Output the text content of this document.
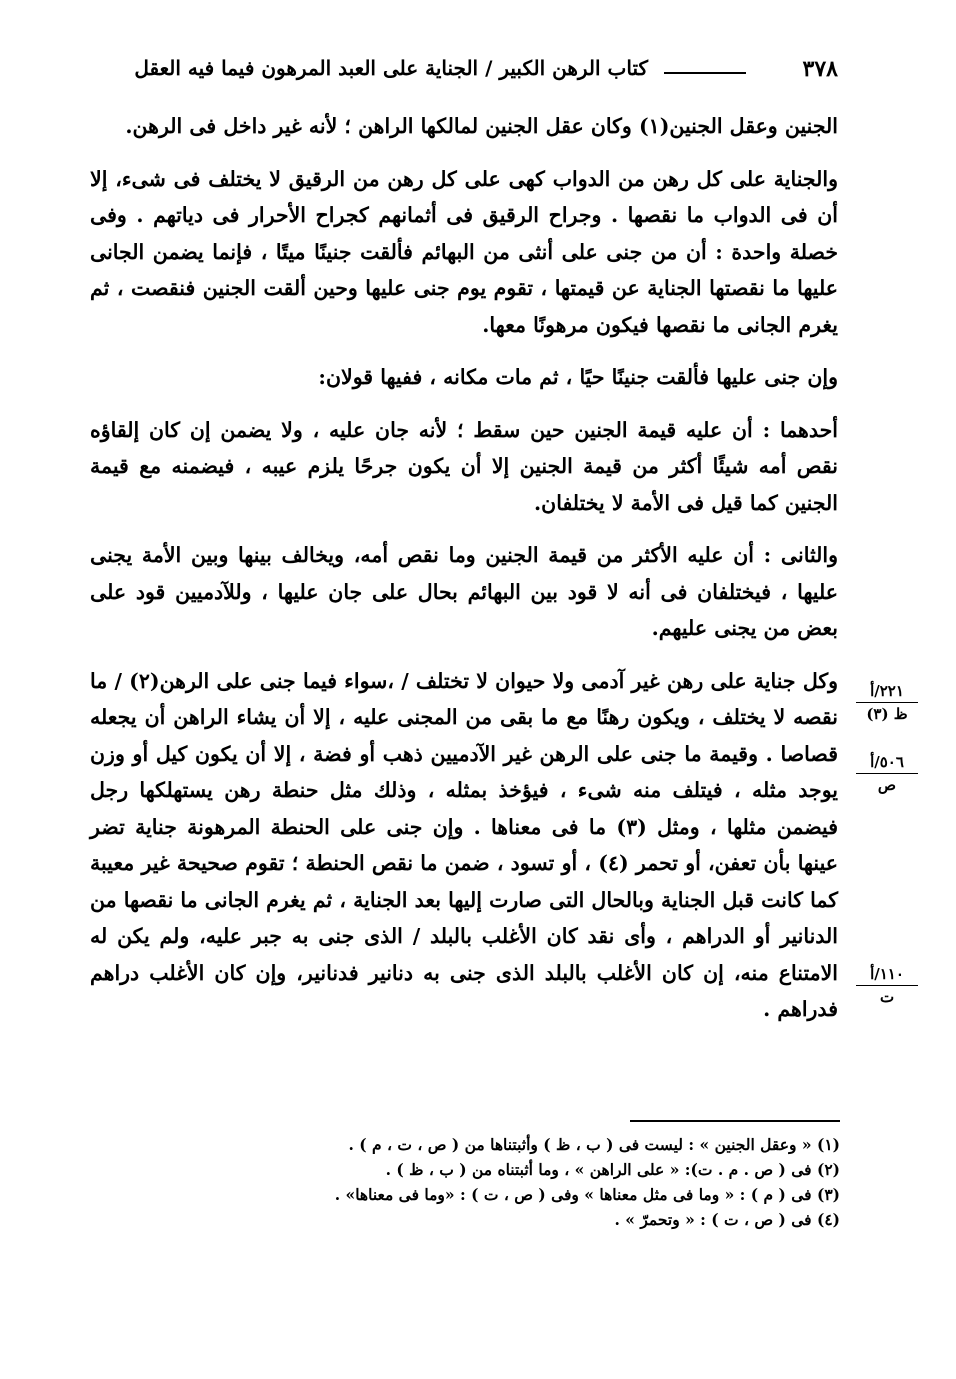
٣٧٨
كتاب الرهن الكبير / الجناية على العبد المرهون فيما فيه العقل

الجنين وعقل الجنين(١) وكان عقل الجنين لمالكها الراهن ؛ لأنه غير داخل فى الرهن.

والجناية على كل رهن من الدواب كهى على كل رهن من الرقيق لا يختلف فى شىء، إلا أن فى الدواب ما نقصها . وجراح الرقيق فى أثمانهم كجراح الأحرار فى دياتهم . وفى خصلة واحدة : أن من جنى على أنثى من البهائم فألقت جنينًا ميتًا ، فإنما يضمن الجانى عليها ما نقصتها الجناية عن قيمتها ، تقوم يوم جنى عليها وحين ألقت الجنين فنقصت ، ثم يغرم الجانى ما نقصها فيكون مرهونًا معها.

وإن جنى عليها فألقت جنينًا حيًا ، ثم مات مكانه ، ففيها قولان:

أحدهما : أن عليه قيمة الجنين حين سقط ؛ لأنه جان عليه ، ولا يضمن إن كان إلقاؤه نقص أمه شيئًا أكثر من قيمة الجنين إلا أن يكون جرحًا يلزم عيبه ، فيضمنه مع قيمة الجنين كما قيل فى الأمة لا يختلفان.

والثانى : أن عليه الأكثر من قيمة الجنين وما نقص أمه، ويخالف بينها وبين الأمة يجنى عليها ، فيختلفان فى أنه لا قود بين البهائم بحال على جان عليها ، وللآدميين قود على بعض من يجنى عليهم.

وكل جناية على رهن غير آدمى ولا حيوان لا تختلف / ،سواء فيما جنى على الرهن(٢) / ما نقصه لا يختلف ، ويكون رهنًا مع ما بقى من المجنى عليه ، إلا أن يشاء الراهن أن يجعله قصاصا . وقيمة ما جنى على الرهن غير الآدميين ذهب أو فضة ، إلا أن يكون كيل أو وزن يوجد مثله ، فيتلف منه شىء ، فيؤخذ بمثله ، وذلك مثل حنطة رهن يستهلكها رجل فيضمن مثلها ، ومثل (٣) ما فى معناها . وإن جنى على الحنطة المرهونة جناية تضر عينها بأن تعفن، أو تحمر (٤) ، أو تسود ، ضمن ما نقص الحنطة ؛ تقوم صحيحة غير معيبة كما كانت قبل الجناية وبالحال التى صارت إليها بعد الجناية ، ثم يغرم الجانى ما نقصها من الدنانير أو الدراهم ، وأى نقد كان الأغلب بالبلد / الذى جنى به جبر عليه، ولم يكن له الامتناع منه، إن كان الأغلب بالبلد الذى جنى به دنانير فدنانير، وإن كان الأغلب دراهم فدراهم .

٢٢١/أ
ظ (٣)
٥٠٦/أ
ص
١١٠/أ
ت

(١) « وعقل الجنين » : ليست فى ( ب ، ظ ) وأثبتناها من ( ص ، ت ، م ) .

(٢) فى ( ص . م . ت): « على الراهن » ، وما أثبتناه من ( ب ، ظ ) .

(٣) فى ( م ) : « وما فى مثل معناها » وفى ( ص ، ت ) : «وما فى معناها» .

(٤) فى ( ص ، ت ) : « وتحمرّ » .
